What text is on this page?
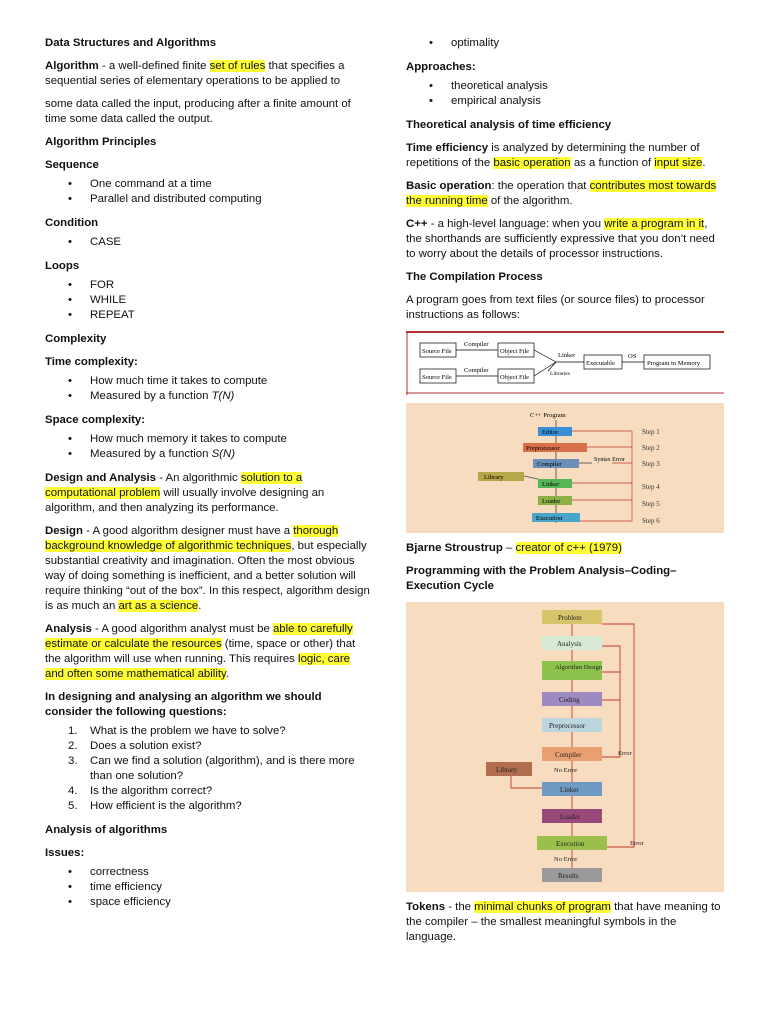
Data Structures and Algorithms

Algorithm - a well-defined finite set of rules that specifies a sequential series of elementary operations to be applied to

some data called the input, producing after a finite amount of time some data called the output.

Algorithm Principles

Sequence

• One command at a time
• Parallel and distributed computing

Condition

• CASE

Loops

• FOR
• WHILE
• REPEAT

Complexity

Time complexity:

• How much time it takes to compute
• Measured by a function T(N)

Space complexity:

• How much memory it takes to compute
• Measured by a function S(N)

Design and Analysis - An algorithmic solution to a computational problem will usually involve designing an algorithm, and then analyzing its performance.

Design - A good algorithm designer must have a thorough background knowledge of algorithmic techniques, but especially substantial creativity and imagination. Often the most obvious way of doing something is inefficient, and a better solution will require thinking “out of the box”. In this respect, algorithm design is as much an art as a science.

Analysis - A good algorithm analyst must be able to carefully estimate or calculate the resources (time, space or other) that the algorithm will use when running. This requires logic, care and often some mathematical ability.

In designing and analysing an algorithm we should consider the following questions:

1. What is the problem we have to solve?
2. Does a solution exist?
3. Can we find a solution (algorithm), and is there more than one solution?
4. Is the algorithm correct?
5. How efficient is the algorithm?

Analysis of algorithms

Issues:

• correctness
• time efficiency
• space efficiency
• optimality

Approaches:

• theoretical analysis
• empirical analysis

Theoretical analysis of time efficiency

Time efficiency is analyzed by determining the number of repetitions of the basic operation as a function of input size.

Basic operation: the operation that contributes most towards the running time of the algorithm.

C++ - a high-level language: when you write a program in it, the shorthands are sufficiently expressive that you don’t need to worry about the details of processor instructions.

The Compilation Process

A program goes from text files (or source files) to processor instructions as follows:

Source File
Source File
Compiler
Compiler
Object File
Object File
Linker
Libraries
Executable
OS
Program in Memory
C++ Program
Editor
Preprocessor
Compiler
Syntax Error
Library
Linker
Loader
Execution
Step 1
Step 2
Step 3
Step 4
Step 5
Step 6

Bjarne Stroustrup – creator of c++ (1979)

Programming with the Problem Analysis–Coding–Execution Cycle

Problem
Analysis
Algorithm Design
Coding
Preprocessor
Compiler	Error
Library	No Error
Linker
Loader
Execution	Error
No Error
Results

Tokens - the minimal chunks of program that have meaning to the compiler – the smallest meaningful symbols in the language.
